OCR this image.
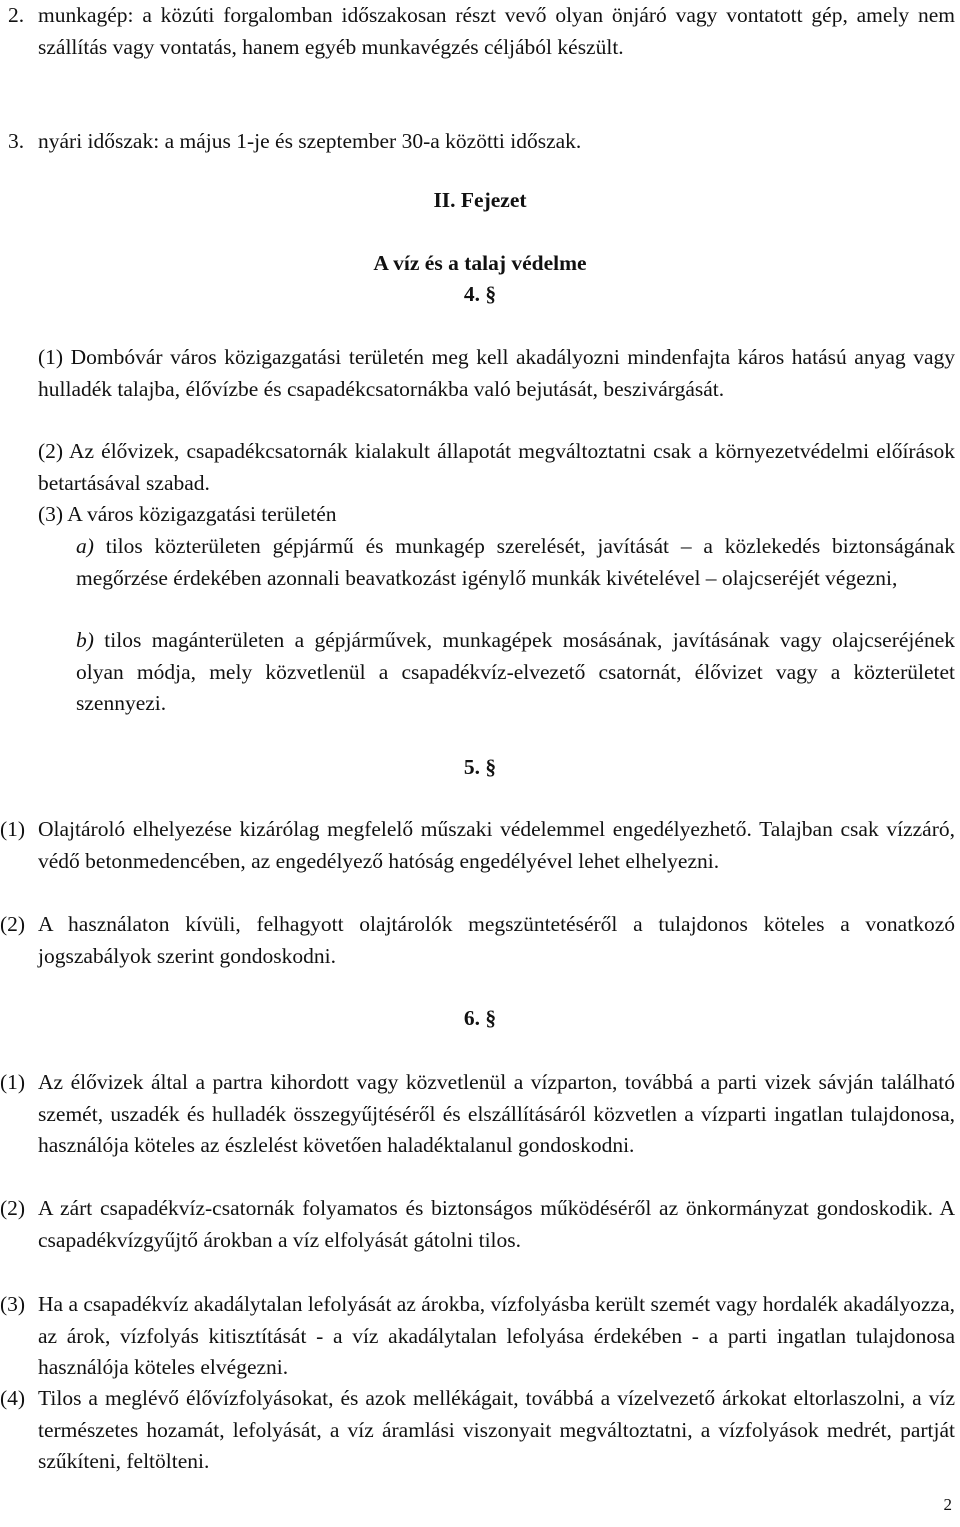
2. munkagép: a közúti forgalomban időszakosan részt vevő olyan önjáró vagy vontatott gép, amely nem szállítás vagy vontatás, hanem egyéb munkavégzés céljából készült.
3. nyári időszak: a május 1-je és szeptember 30-a közötti időszak.
II. Fejezet
A víz és a talaj védelme
4. §
(1) Dombóvár város közigazgatási területén meg kell akadályozni mindenfajta káros hatású anyag vagy hulladék talajba, élővízbe és csapadékcsatornákba való bejutását, beszivárgását.
(2) Az élővizek, csapadékcsatornák kialakult állapotát megváltoztatni csak a környezetvédelmi előírások betartásával szabad.
(3) A város közigazgatási területén
a) tilos közterületen gépjármű és munkagép szerelését, javítását – a közlekedés biztonságának megőrzése érdekében azonnali beavatkozást igénylő munkák kivételével – olajcseréjét végezni,
b) tilos magánterületen a gépjárművek, munkagépek mosásának, javításának vagy olajcseréjének olyan módja, mely közvetlenül a csapadékvíz-elvezető csatornát, élővizet vagy a közterületet szennyezi.
5. §
(1) Olajtároló elhelyezése kizárólag megfelelő műszaki védelemmel engedélyezhető. Talajban csak vízzáró, védő betonmedencében, az engedélyező hatóság engedélyével lehet elhelyezni.
(2) A használaton kívüli, felhagyott olajtárolók megszüntetéséről a tulajdonos köteles a vonatkozó jogszabályok szerint gondoskodni.
6. §
(1) Az élővizek által a partra kihordott vagy közvetlenül a vízparton, továbbá a parti vizek sávján található szemét, uszadék és hulladék összegyűjtéséről és elszállításáról közvetlen a vízparti ingatlan tulajdonosa, használója köteles az észlelést követően haladéktalanul gondoskodni.
(2) A zárt csapadékvíz-csatornák folyamatos és biztonságos működéséről az önkormányzat gondoskodik. A csapadékvízgyűjtő árokban a víz elfolyását gátolni tilos.
(3) Ha a csapadékvíz akadálytalan lefolyását az árokba, vízfolyásba került szemét vagy hordalék akadályozza, az árok, vízfolyás kitisztítását - a víz akadálytalan lefolyása érdekében - a parti ingatlan tulajdonosa használója köteles elvégezni.
(4) Tilos a meglévő élővízfolyásokat, és azok mellékágait, továbbá a vízelvezető árkokat eltorlaszolni, a víz természetes hozamát, lefolyását, a víz áramlási viszonyait megváltoztatni, a vízfolyások medrét, partját szűkíteni, feltölteni.
2
